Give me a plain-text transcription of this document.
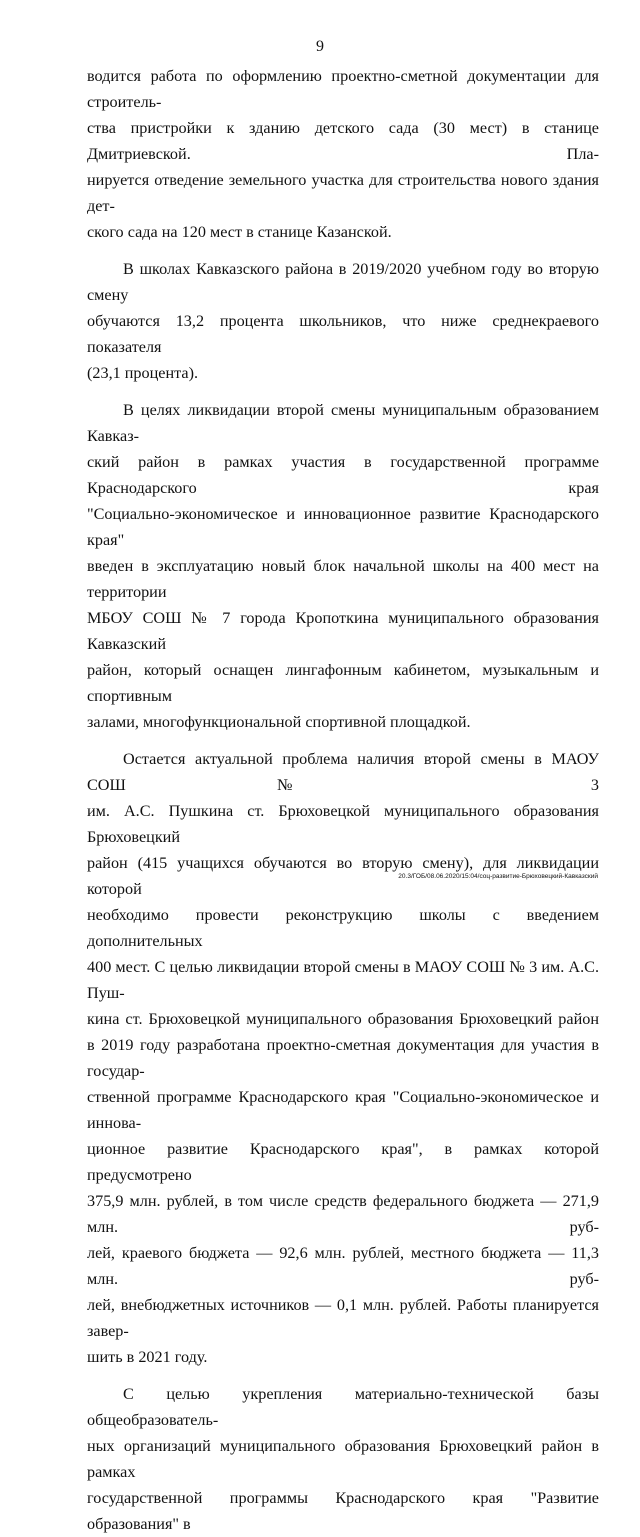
9

водится работа по оформлению проектно-сметной документации для строитель-
ства пристройки к зданию детского сада (30 мест) в станице Дмитриевской. Пла-
нируется отведение земельного участка для строительства нового здания дет-
ского сада на 120 мест в станице Казанской.

В школах Кавказского района в 2019/2020 учебном году во вторую смену
обучаются 13,2 процента школьников, что ниже среднекраевого показателя
(23,1 процента).

В целях ликвидации второй смены муниципальным образованием Кавказ-
ский район в рамках участия в государственной программе Краснодарского края
"Социально-экономическое и инновационное развитие Краснодарского края"
введен в эксплуатацию новый блок начальной школы на 400 мест на территории
МБОУ СОШ № 7 города Кропоткина муниципального образования Кавказский
район, который оснащен лингафонным кабинетом, музыкальным и спортивным
залами, многофункциональной спортивной площадкой.

Остается актуальной проблема наличия второй смены в МАОУ СОШ № 3
им. А.С. Пушкина ст. Брюховецкой муниципального образования Брюховецкий
район (415 учащихся обучаются во вторую смену), для ликвидации которой
необходимо провести реконструкцию школы с введением дополнительных
400 мест. С целью ликвидации второй смены в МАОУ СОШ № 3 им. А.С. Пуш-
кина ст. Брюховецкой муниципального образования Брюховецкий район
в 2019 году разработана проектно-сметная документация для участия в государ-
ственной программе Краснодарского края "Социально-экономическое и иннова-
ционное развитие Краснодарского края", в рамках которой предусмотрено
375,9 млн. рублей, в том числе средств федерального бюджета — 271,9 млн. руб-
лей, краевого бюджета — 92,6 млн. рублей, местного бюджета — 11,3 млн. руб-
лей, внебюджетных источников — 0,1 млн. рублей. Работы планируется завер-
шить в 2021 году.

С целью укрепления материально-технической базы общеобразователь-
ных организаций муниципального образования Брюховецкий район в рамках
государственной программы Краснодарского края "Развитие образования" в

20.3/ГОБ/08.06.2020/15:04/соц-развитие-Брюховецкий-Кавказский
